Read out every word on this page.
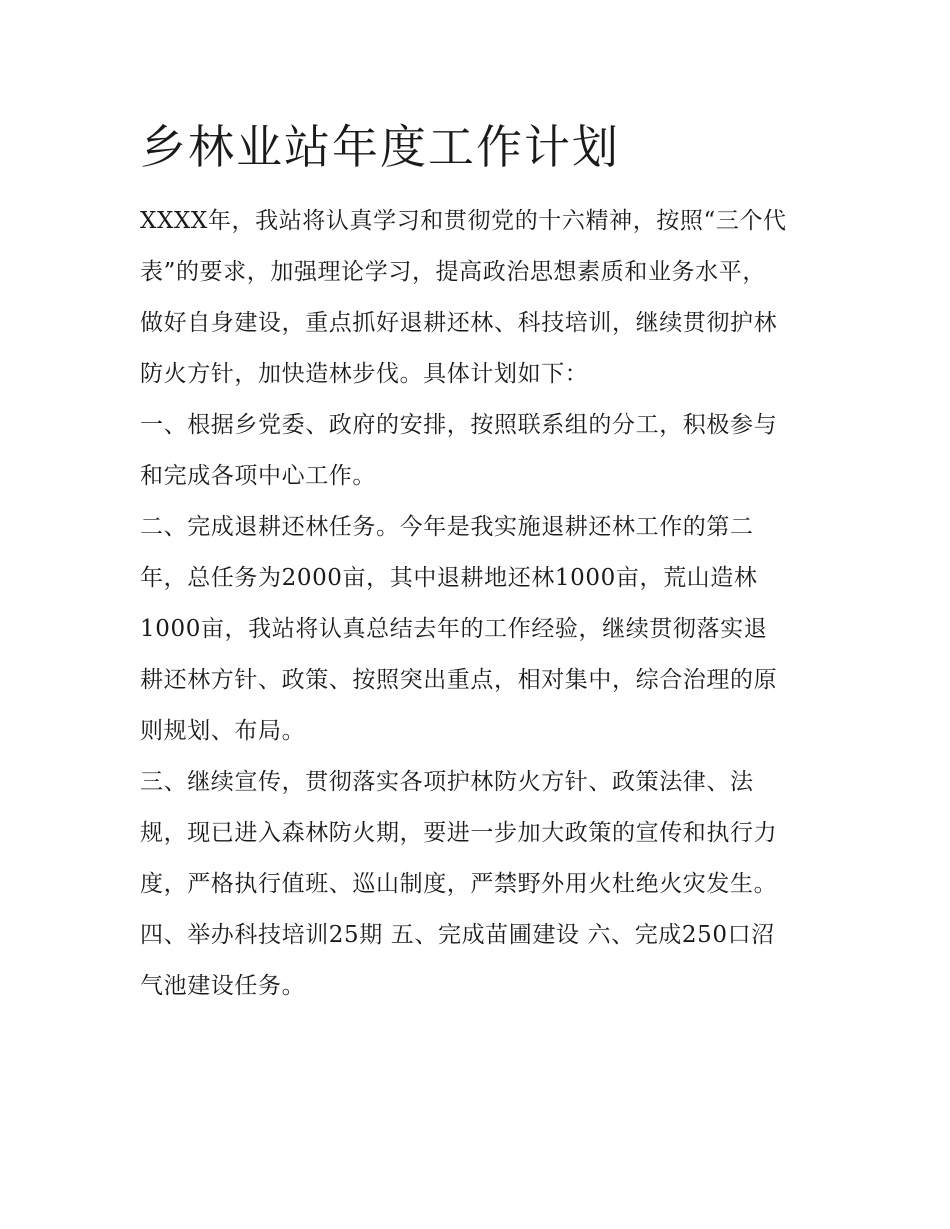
乡林业站年度工作计划

XXXX年，我站将认真学习和贯彻党的十六精神，按照“三个代
表”的要求，加强理论学习，提高政治思想素质和业务水平，
做好自身建设，重点抓好退耕还林、科技培训，继续贯彻护林
防火方针，加快造林步伐。具体计划如下：

一、根据乡党委、政府的安排，按照联系组的分工，积极参与
和完成各项中心工作。

二、完成退耕还林任务。今年是我实施退耕还林工作的第二
年，总任务为2000亩，其中退耕地还林1000亩，荒山造林
1000亩，我站将认真总结去年的工作经验，继续贯彻落实退
耕还林方针、政策、按照突出重点，相对集中，综合治理的原
则规划、布局。

三、继续宣传，贯彻落实各项护林防火方针、政策法律、法
规，现已进入森林防火期，要进一步加大政策的宣传和执行力
度，严格执行值班、巡山制度，严禁野外用火杜绝火灾发生。

四、举办科技培训25期 五、完成苗圃建设 六、完成250口沼
气池建设任务。
